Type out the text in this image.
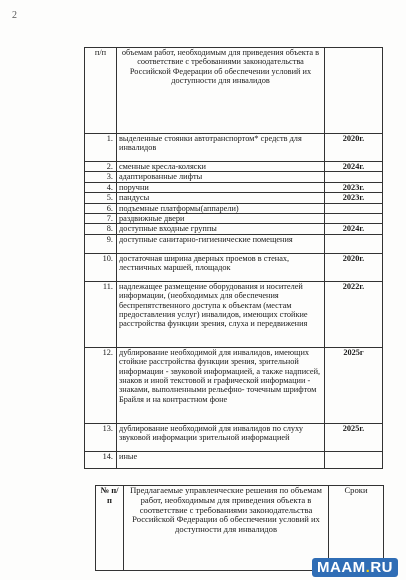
2
п/п	объемам работ, необходимым для приведения объекта в соответствие с требованиями законодательства Российской Федерации об обеспечении условий их доступности для инвалидов	
1.	выделенные стоянки автотранспортом* средств для инвалидов	2020г.
2.	сменные кресла-коляски	2024г.
3.	адаптированные лифты	
4.	поручни	2023г.
5.	пандусы	2023г.
6.	подъемные платформы(аппарели)	
7.	раздвижные двери	
8.	доступные входные группы	2024г.
9.	доступные санитарно-гигиенические помещения	
10.	достаточная ширина дверных проемов в стенах, лестничных маршей, площадок	2020г.
11.	надлежащее размещение оборудования и носителей информации, (необходимых для обеспечения беспрепятственного доступа к объектам (местам предоставления услуг) инвалидов, имеющих стойкие расстройства функции зрения, слуха и передвижения	2022г.
12.	дублирование необходимой для инвалидов, имеющих стойкие расстройства функции зрения, зрительной информации - звуковой информацией, а также надписей, знаков и иной текстовой и графической информации - знаками, выполненными рельефно- точечным шрифтом Брайля и на контрастном фоне	2025г
13.	дублирование необходимой для инвалидов по слуху звуковой информации зрительной информацией	2025г.
14.	иные	
№ п/п	Предлагаемые управленческие решения по объемам работ, необходимым для приведения объекта в соответствие с требованиями законодательства Российской Федерации об обеспечении условий их доступности для инвалидов	Сроки
MAAM.RU
